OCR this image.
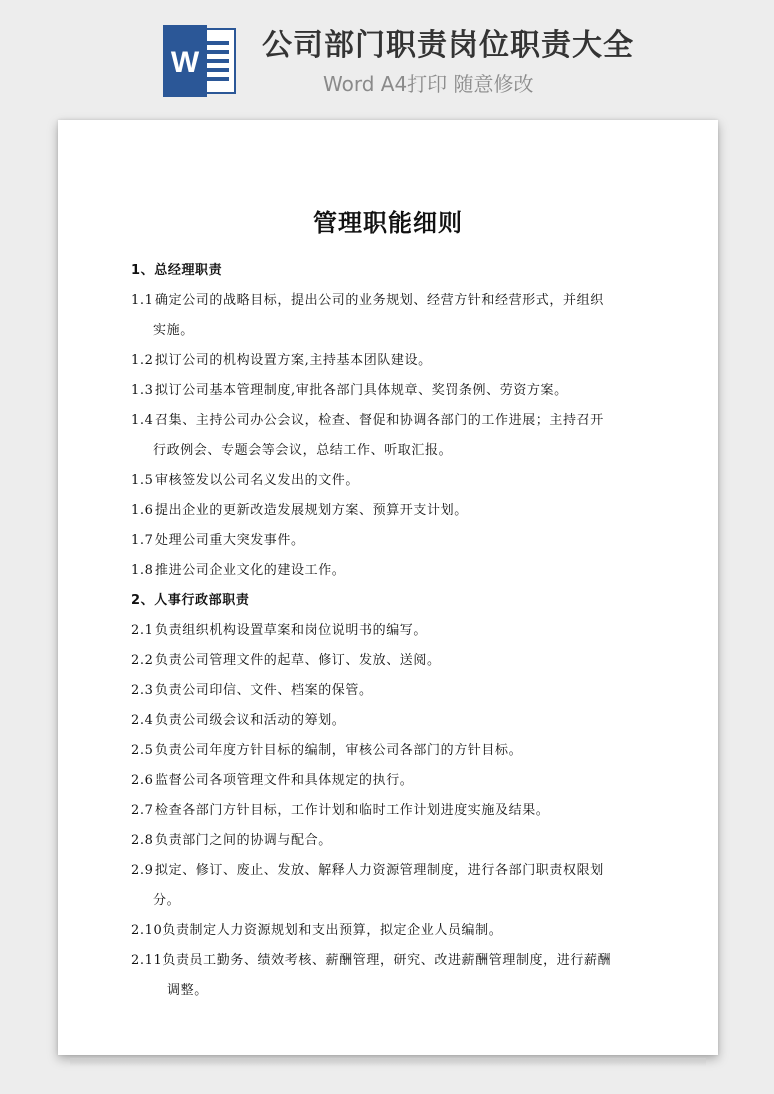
W 公司部门职责岗位职责大全
Word A4打印 随意修改
管理职能细则
1、总经理职责
1.1 确定公司的战略目标，提出公司的业务规划、经营方针和经营形式，并组织
实施。
1.2 拟订公司的机构设置方案,主持基本团队建设。
1.3 拟订公司基本管理制度,审批各部门具体规章、奖罚条例、劳资方案。
1.4 召集、主持公司办公会议，检查、督促和协调各部门的工作进展；主持召开
行政例会、专题会等会议，总结工作、听取汇报。
1.5 审核签发以公司名义发出的文件。
1.6 提出企业的更新改造发展规划方案、预算开支计划。
1.7 处理公司重大突发事件。
1.8 推进公司企业文化的建设工作。
2、人事行政部职责
2.1 负责组织机构设置草案和岗位说明书的编写。
2.2 负责公司管理文件的起草、修订、发放、送阅。
2.3 负责公司印信、文件、档案的保管。
2.4 负责公司级会议和活动的筹划。
2.5 负责公司年度方针目标的编制，审核公司各部门的方针目标。
2.6 监督公司各项管理文件和具体规定的执行。
2.7 检查各部门方针目标，工作计划和临时工作计划进度实施及结果。
2.8 负责部门之间的协调与配合。
2.9 拟定、修订、废止、发放、解释人力资源管理制度，进行各部门职责权限划
分。
2.10负责制定人力资源规划和支出预算，拟定企业人员编制。
2.11负责员工勤务、绩效考核、薪酬管理，研究、改进薪酬管理制度，进行薪酬
调整。
